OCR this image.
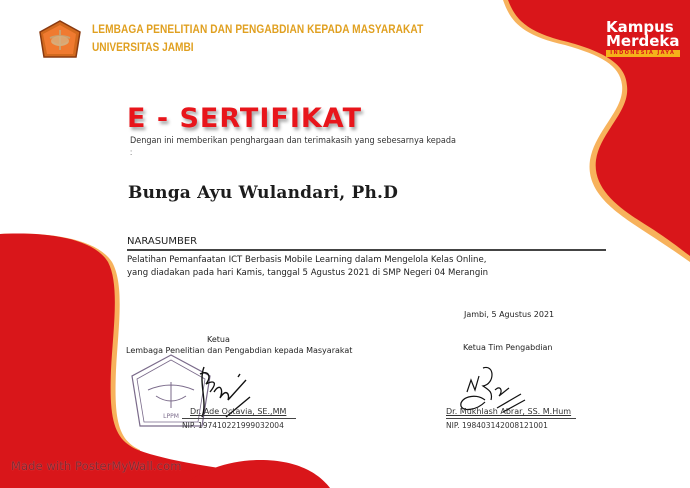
LEMBAGA PENELITIAN DAN PENGABDIAN KEPADA MASYARAKAT
UNIVERSITAS JAMBI
Kampus
Merdeka
INDONESIA JAYA
E - SERTIFIKAT
Dengan ini memberikan penghargaan dan terimakasih yang sebesarnya kepada
:
Bunga Ayu Wulandari, Ph.D
NARASUMBER
Pelatihan Pemanfaatan ICT Berbasis Mobile Learning dalam Mengelola Kelas Online,
yang diadakan pada hari Kamis, tanggal 5 Agustus 2021 di SMP Negeri 04 Merangin
Ketua
Lembaga Penelitian dan Pengabdian kepada Masyarakat
LPPM
Dr. Ade Octavia, SE.,MM
NIP. 197410221999032004
Jambi, 5 Agustus 2021
Ketua Tim Pengabdian
Dr. Mukhlash Abrar, SS. M.Hum
NIP. 198403142008121001
Made with PosterMyWall.com
